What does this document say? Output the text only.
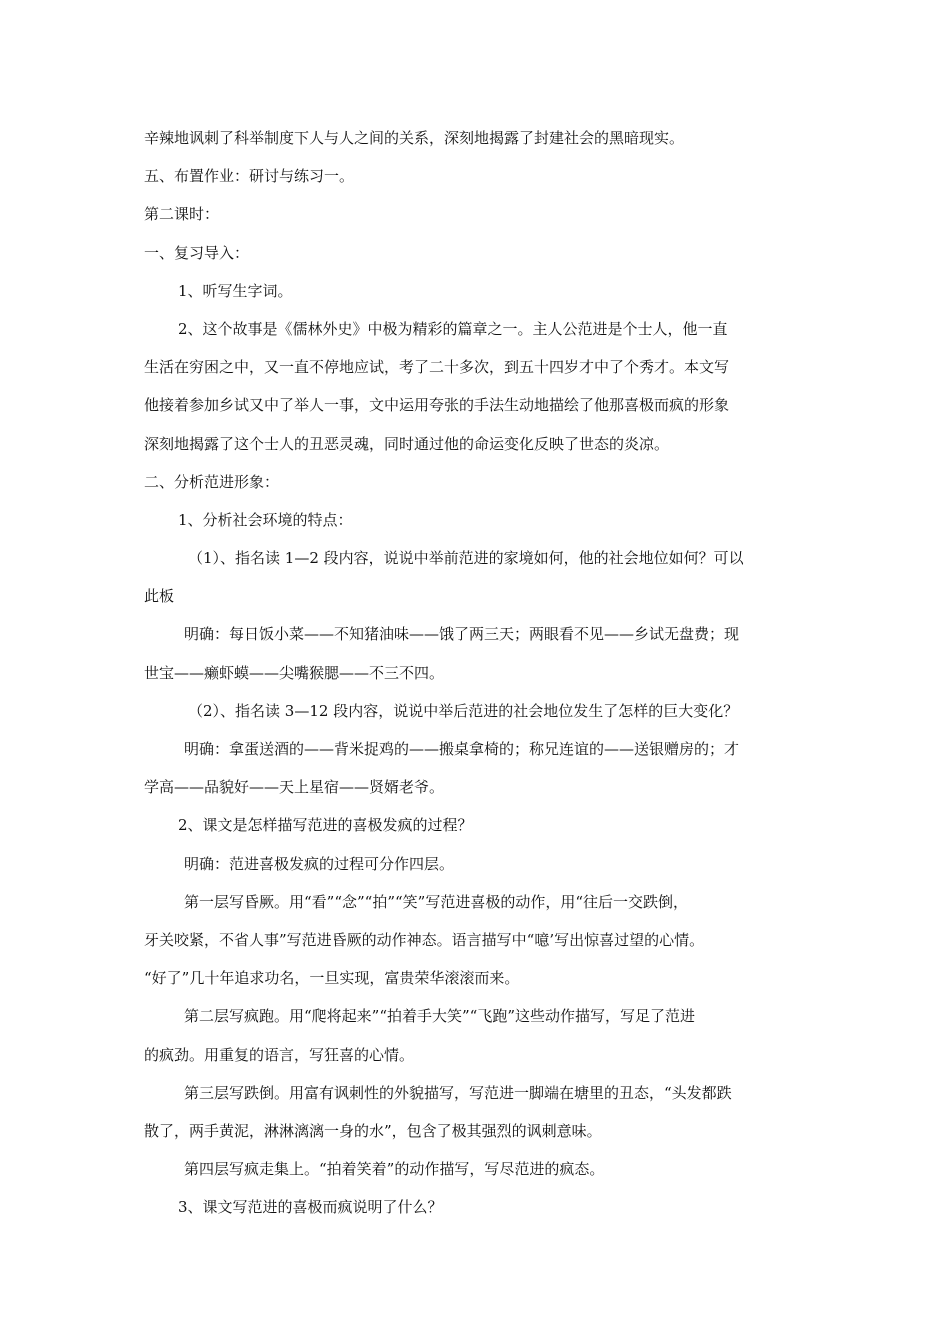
辛辣地讽刺了科举制度下人与人之间的关系，深刻地揭露了封建社会的黑暗现实。
五、布置作业：研讨与练习一。
第二课时：
一、复习导入：
1、听写生字词。
2、这个故事是《儒林外史》中极为精彩的篇章之一。主人公范进是个士人，他一直
生活在穷困之中，又一直不停地应试，考了二十多次，到五十四岁才中了个秀才。本文写
他接着参加乡试又中了举人一事，文中运用夸张的手法生动地描绘了他那喜极而疯的形象
深刻地揭露了这个士人的丑恶灵魂，同时通过他的命运变化反映了世态的炎凉。
二、分析范进形象：
1、分析社会环境的特点：
（1）、指名读 1—2 段内容，说说中举前范进的家境如何，他的社会地位如何？可以
此板
明确：每日饭小菜——不知猪油味——饿了两三天；两眼看不见——乡试无盘费；现
世宝——癞虾蟆——尖嘴猴腮——不三不四。
（2）、指名读 3—12 段内容，说说中举后范进的社会地位发生了怎样的巨大变化？
明确：拿蛋送酒的——背米捉鸡的——搬桌拿椅的；称兄连谊的——送银赠房的；才
学高——品貌好——天上星宿——贤婿老爷。
2、课文是怎样描写范进的喜极发疯的过程？
明确：范进喜极发疯的过程可分作四层。
第一层写昏厥。用“看”“念”“拍”“笑”写范进喜极的动作，用“往后一交跌倒，
牙关咬紧，不省人事”写范进昏厥的动作神态。语言描写中“噫’写出惊喜过望的心情。
“好了”几十年追求功名，一旦实现，富贵荣华滚滚而来。
第二层写疯跑。用“爬将起来”“拍着手大笑”“飞跑”这些动作描写，写足了范进
的疯劲。用重复的语言，写狂喜的心情。
第三层写跌倒。用富有讽刺性的外貌描写，写范进一脚端在塘里的丑态，“头发都跌
散了，两手黄泥，淋淋漓漓一身的水”，包含了极其强烈的讽刺意味。
第四层写疯走集上。“拍着笑着”的动作描写，写尽范进的疯态。
3、课文写范进的喜极而疯说明了什么？
